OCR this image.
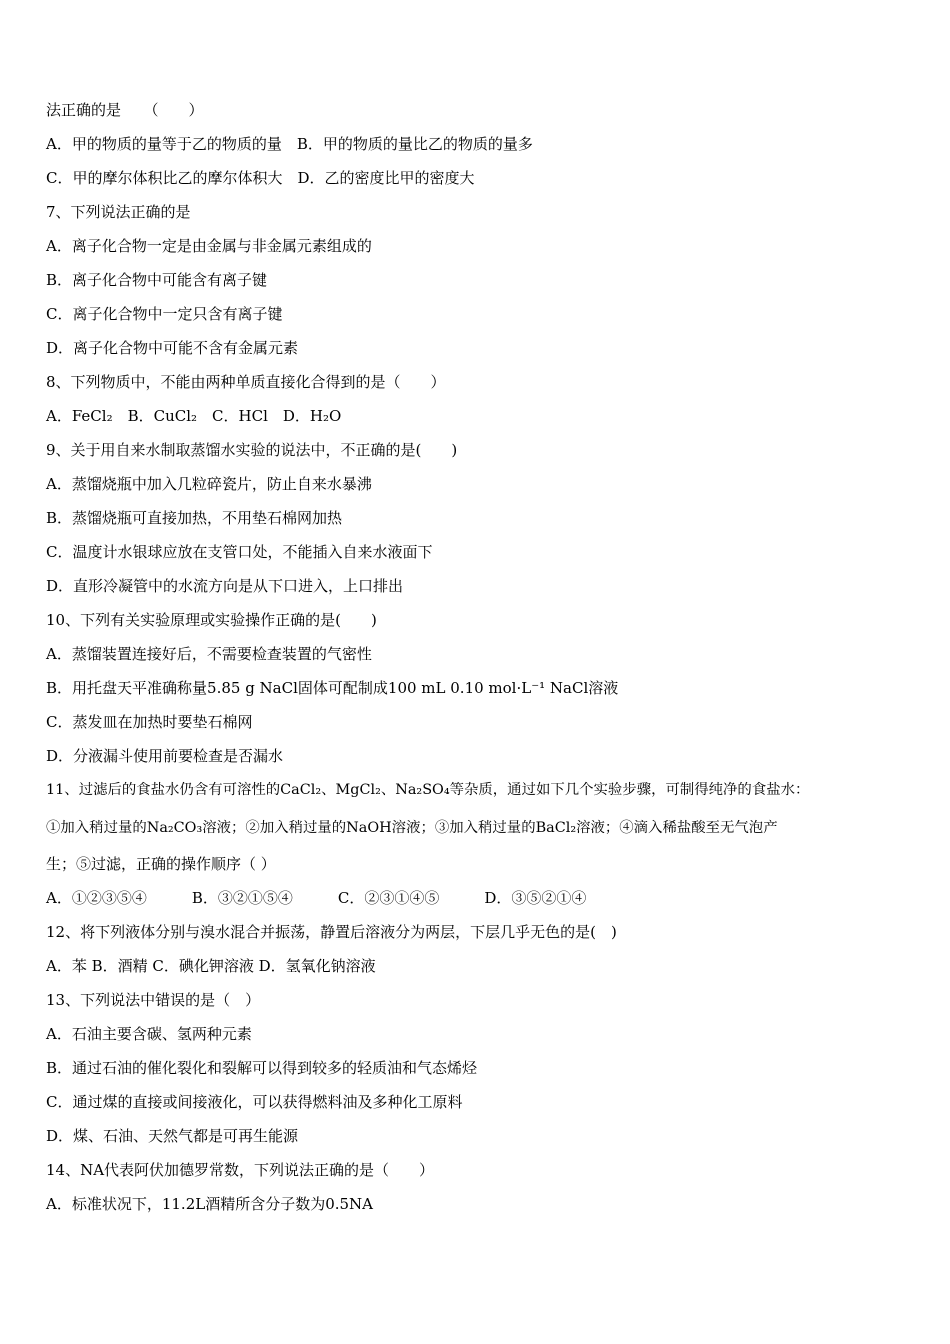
法正确的是　　（　　）
A．甲的物质的量等于乙的物质的量　B．甲的物质的量比乙的物质的量多
C．甲的摩尔体积比乙的摩尔体积大　D．乙的密度比甲的密度大
7、下列说法正确的是
A．离子化合物一定是由金属与非金属元素组成的
B．离子化合物中可能含有离子键
C．离子化合物中一定只含有离子键
D．离子化合物中可能不含有金属元素
8、下列物质中，不能由两种单质直接化合得到的是（　　）
A．FeCl₂　B．CuCl₂　C．HCl　D．H₂O
9、关于用自来水制取蒸馏水实验的说法中，不正确的是(　　)
A．蒸馏烧瓶中加入几粒碎瓷片，防止自来水暴沸
B．蒸馏烧瓶可直接加热，不用垫石棉网加热
C．温度计水银球应放在支管口处，不能插入自来水液面下
D．直形冷凝管中的水流方向是从下口进入，上口排出
10、下列有关实验原理或实验操作正确的是(　　)
A．蒸馏装置连接好后，不需要检查装置的气密性
B．用托盘天平准确称量5.85 g NaCl固体可配制成100 mL 0.10 mol·L⁻¹ NaCl溶液
C．蒸发皿在加热时要垫石棉网
D．分液漏斗使用前要检查是否漏水
11、过滤后的食盐水仍含有可溶性的CaCl₂、MgCl₂、Na₂SO₄等杂质，通过如下几个实验步骤，可制得纯净的食盐水：
①加入稍过量的Na₂CO₃溶液；②加入稍过量的NaOH溶液；③加入稍过量的BaCl₂溶液；④滴入稀盐酸至无气泡产
生；⑤过滤，正确的操作顺序（ ）
A．①②③⑤④　　　B．③②①⑤④　　　C．②③①④⑤　　　D．③⑤②①④
12、将下列液体分别与溴水混合并振荡，静置后溶液分为两层，下层几乎无色的是(　)
A．苯 B．酒精 C．碘化钾溶液 D．氢氧化钠溶液
13、下列说法中错误的是（　）
A．石油主要含碳、氢两种元素
B．通过石油的催化裂化和裂解可以得到较多的轻质油和气态烯烃
C．通过煤的直接或间接液化，可以获得燃料油及多种化工原料
D．煤、石油、天然气都是可再生能源
14、NA代表阿伏加德罗常数，下列说法正确的是（　　）
A．标准状况下，11.2L酒精所含分子数为0.5NA
